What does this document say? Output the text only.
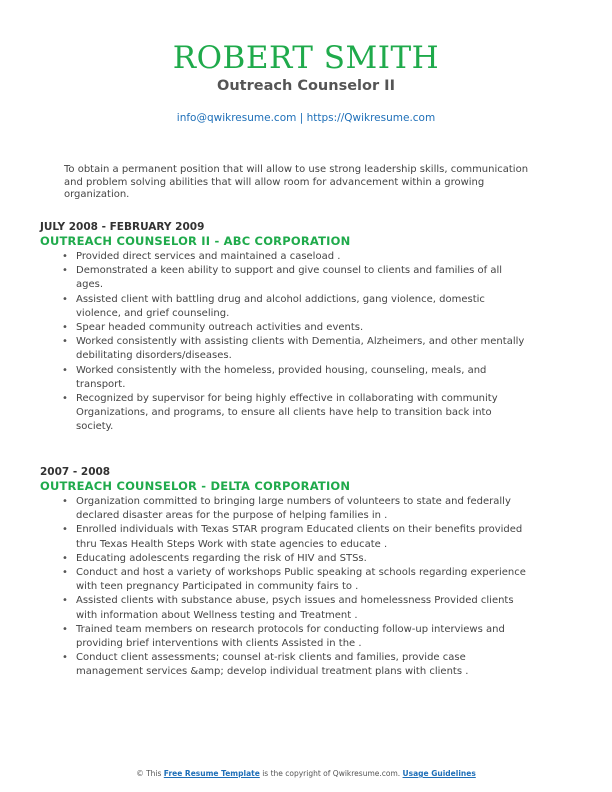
ROBERT SMITH
Outreach Counselor II
info@qwikresume.com | https://Qwikresume.com
To obtain a permanent position that will allow to use strong leadership skills, communication and problem solving abilities that will allow room for advancement within a growing organization.
JULY 2008 - FEBRUARY 2009
OUTREACH COUNSELOR II - ABC CORPORATION
• Provided direct services and maintained a caseload .
• Demonstrated a keen ability to support and give counsel to clients and families of all ages.
• Assisted client with battling drug and alcohol addictions, gang violence, domestic violence, and grief counseling.
• Spear headed community outreach activities and events.
• Worked consistently with assisting clients with Dementia, Alzheimers, and other mentally debilitating disorders/diseases.
• Worked consistently with the homeless, provided housing, counseling, meals, and transport.
• Recognized by supervisor for being highly effective in collaborating with community Organizations, and programs, to ensure all clients have help to transition back into society.
2007 - 2008
OUTREACH COUNSELOR - DELTA CORPORATION
• Organization committed to bringing large numbers of volunteers to state and federally declared disaster areas for the purpose of helping families in .
• Enrolled individuals with Texas STAR program Educated clients on their benefits provided thru Texas Health Steps Work with state agencies to educate .
• Educating adolescents regarding the risk of HIV and STSs.
• Conduct and host a variety of workshops Public speaking at schools regarding experience with teen pregnancy Participated in community fairs to .
• Assisted clients with substance abuse, psych issues and homelessness Provided clients with information about Wellness testing and Treatment .
• Trained team members on research protocols for conducting follow-up interviews and providing brief interventions with clients Assisted in the .
• Conduct client assessments; counsel at-risk clients and families, provide case management services &amp; develop individual treatment plans with clients .
© This Free Resume Template is the copyright of Qwikresume.com. Usage Guidelines
